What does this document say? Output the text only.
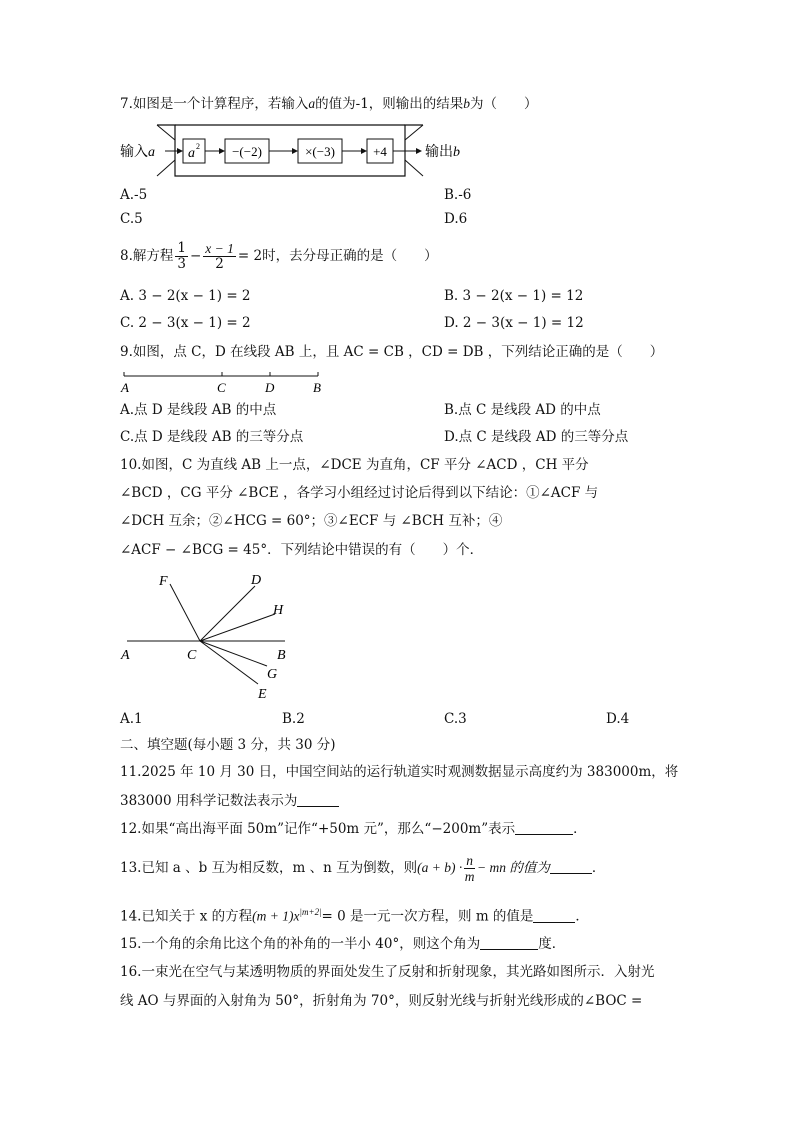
7.如图是一个计算程序，若输入a的值为-1，则输出的结果b为（　　）
输入 a a 2 −(−2)	×(−3)	+4	输出 b
A.-5	B.-6
C.5	D.6
8.解方程 $\frac{1}{3} - \frac{x - 1}{2} = 2$时，去分母正确的是（　　）
A. 3 − 2(x − 1) = 2	B. 3 − 2(x − 1) = 12
C. 2 − 3(x − 1) = 2	D. 2 − 3(x − 1) = 12
9.如图，点 C，D 在线段 AB 上，且 AC = CB ，CD = DB ，下列结论正确的是（　　）
A	C	D	B
A.点 D 是线段 AB 的中点	B.点 C 是线段 AD 的中点
C.点 D 是线段 AB 的三等分点	D.点 C 是线段 AD 的三等分点
10.如图，C 为直线 AB 上一点，∠DCE 为直角，CF 平分 ∠ACD ，CH 平分
∠BCD ，CG 平分 ∠BCE ，各学习小组经过讨论后得到以下结论：①∠ACF 与
∠DCH 互余；②∠HCG = 60°；③∠ECF 与 ∠BCH 互补；④
∠ACF − ∠BCG = 45°．下列结论中错误的有（　　）个．
F	D
H
A	C	B
G
E
A.1	B.2	C.3	D.4
二、填空题(每小题 3 分，共 30 分)
11.2025 年 10 月 30 日，中国空间站的运行轨道实时观测数据显示高度约为 383000m，将
383000 用科学记数法表示为
12.如果“高出海平面 50m”记作“+50m 元”，那么“−200m”表示	．
13.已知 a 、b 互为相反数，m 、n 互为倒数，则$(a + b) \cdot \frac{n}{m}$ − mn 的值为	．
14.已知关于 x 的方程$(m + 1)x^{|m+2|}= 0$ 是一元一次方程，则 m 的值是	．
15.一个角的余角比这个角的补角的一半小 40°，则这个角为	度．
16.一束光在空气与某透明物质的界面处发生了反射和折射现象，其光路如图所示．入射光
线 AO 与界面的入射角为 50°，折射角为 70°，则反射光线与折射光线形成的∠BOC =
